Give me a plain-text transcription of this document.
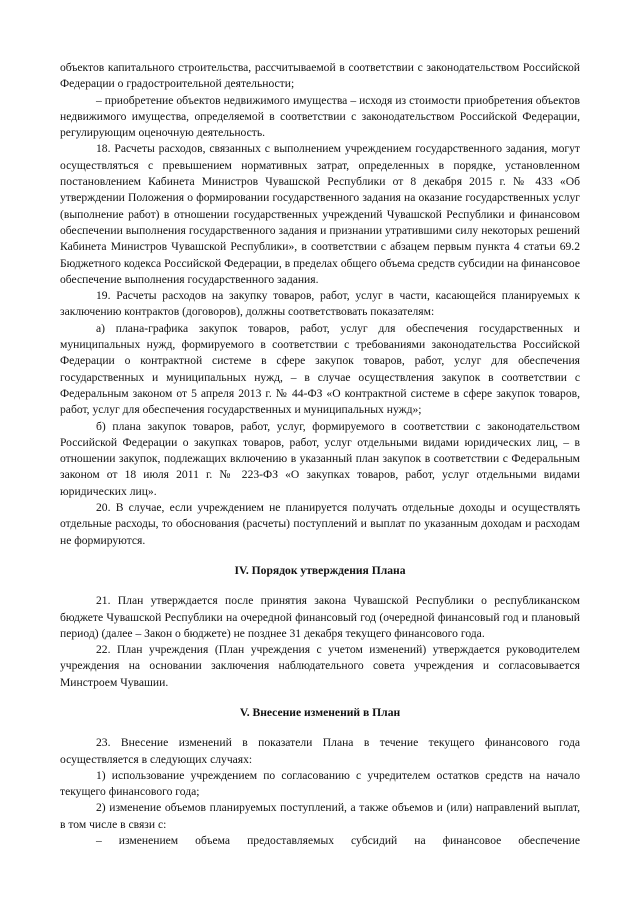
объектов капитального строительства, рассчитываемой в соответствии с законодательством Российской Федерации о градостроительной деятельности;

– приобретение объектов недвижимого имущества – исходя из стоимости приобретения объектов недвижимого имущества, определяемой в соответствии с законодательством Российской Федерации, регулирующим оценочную деятельность.

18. Расчеты расходов, связанных с выполнением учреждением государственного задания, могут осуществляться с превышением нормативных затрат, определенных в порядке, установленном постановлением Кабинета Министров Чувашской Республики от 8 декабря 2015 г. № 433 «Об утверждении Положения о формировании государственного задания на оказание государственных услуг (выполнение работ) в отношении государственных учреждений Чувашской Республики и финансовом обеспечении выполнения государственного задания и признании утратившими силу некоторых решений Кабинета Министров Чувашской Республики», в соответствии с абзацем первым пункта 4 статьи 69.2 Бюджетного кодекса Российской Федерации, в пределах общего объема средств субсидии на финансовое обеспечение выполнения государственного задания.

19. Расчеты расходов на закупку товаров, работ, услуг в части, касающейся планируемых к заключению контрактов (договоров), должны соответствовать показателям:

а) плана-графика закупок товаров, работ, услуг для обеспечения государственных и муниципальных нужд, формируемого в соответствии с требованиями законодательства Российской Федерации о контрактной системе в сфере закупок товаров, работ, услуг для обеспечения государственных и муниципальных нужд, – в случае осуществления закупок в соответствии с Федеральным законом от 5 апреля 2013 г. № 44-ФЗ «О контрактной системе в сфере закупок товаров, работ, услуг для обеспечения государственных и муниципальных нужд»;

б) плана закупок товаров, работ, услуг, формируемого в соответствии с законодательством Российской Федерации о закупках товаров, работ, услуг отдельными видами юридических лиц, – в отношении закупок, подлежащих включению в указанный план закупок в соответствии с Федеральным законом от 18 июля 2011 г. № 223-ФЗ «О закупках товаров, работ, услуг отдельными видами юридических лиц».

20. В случае, если учреждением не планируется получать отдельные доходы и осуществлять отдельные расходы, то обоснования (расчеты) поступлений и выплат по указанным доходам и расходам не формируются.

IV. Порядок утверждения Плана

21. План утверждается после принятия закона Чувашской Республики о республиканском бюджете Чувашской Республики на очередной финансовый год (очередной финансовый год и плановый период) (далее – Закон о бюджете) не позднее 31 декабря текущего финансового года.

22. План учреждения (План учреждения с учетом изменений) утверждается руководителем учреждения на основании заключения наблюдательного совета учреждения и согласовывается Минстроем Чувашии.

V. Внесение изменений в План

23. Внесение изменений в показатели Плана в течение текущего финансового года осуществляется в следующих случаях:

1) использование учреждением по согласованию с учредителем остатков средств на начало текущего финансового года;

2) изменение объемов планируемых поступлений, а также объемов и (или) направлений выплат, в том числе в связи с:

– изменением объема предоставляемых субсидий на финансовое обеспечение
